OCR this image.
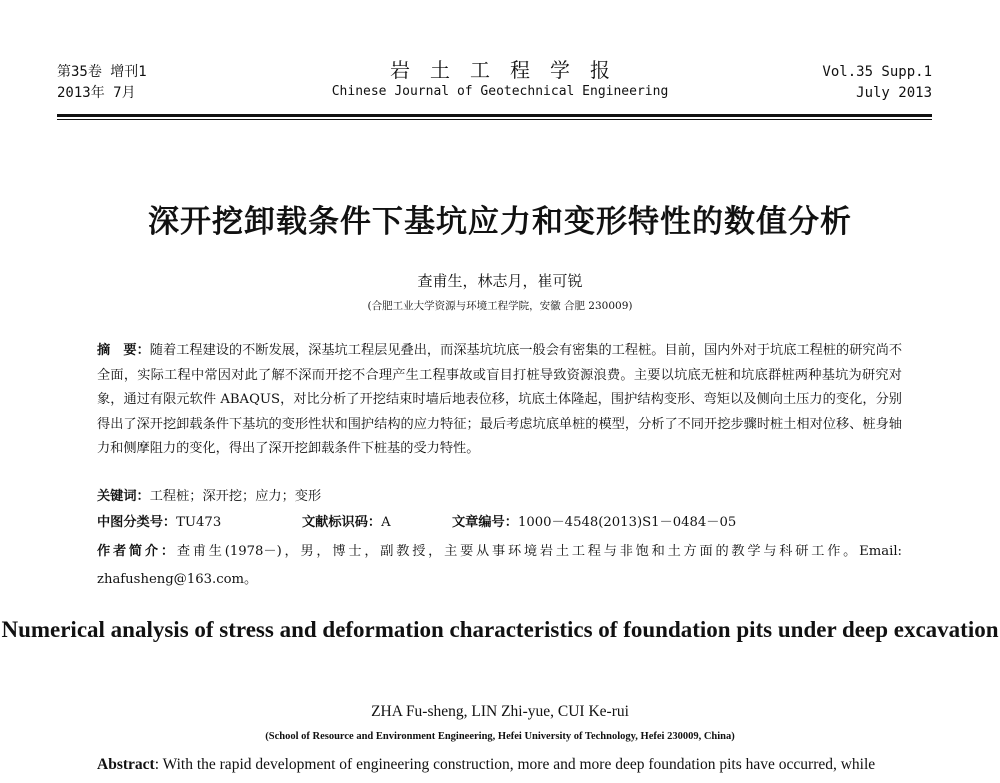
第35卷 增刊1
2013年 7月
岩土工程学报
Chinese Journal of Geotechnical Engineering
Vol.35 Supp.1
July 2013
深开挖卸载条件下基坑应力和变形特性的数值分析
查甫生，林志月，崔可锐
(合肥工业大学资源与环境工程学院，安徽 合肥 230009)

摘　要：随着工程建设的不断发展，深基坑工程层见叠出，而深基坑坑底一般会有密集的工程桩。目前，国内外对于坑底工程桩的研究尚不全面，实际工程中常因对此了解不深而开挖不合理产生工程事故或盲目打桩导致资源浪费。主要以坑底无桩和坑底群桩两种基坑为研究对象，通过有限元软件 ABAQUS，对比分析了开挖结束时墙后地表位移，坑底土体隆起，围护结构变形、弯矩以及侧向土压力的变化，分别得出了深开挖卸载条件下基坑的变形性状和围护结构的应力特征；最后考虑坑底单桩的模型，分析了不同开挖步骤时桩土相对位移、桩身轴力和侧摩阻力的变化，得出了深开挖卸载条件下桩基的受力特性。

关键词：工程桩；深开挖；应力；变形
中图分类号：TU473	文献标识码：A	文章编号：1000－4548(2013)S1－0484－05

作者简介：查甫生(1978－)，男，博士，副教授，主要从事环境岩土工程与非饱和土方面的教学与科研工作。Email: zhafusheng@163.com。

Numerical analysis of stress and deformation characteristics of foundation pits under deep excavation
ZHA Fu-sheng, LIN Zhi-yue, CUI Ke-rui
(School of Resource and Environment Engineering, Hefei University of Technology, Hefei 230009, China)

Abstract: With the rapid development of engineering construction, more and more deep foundation pits have occurred, while
